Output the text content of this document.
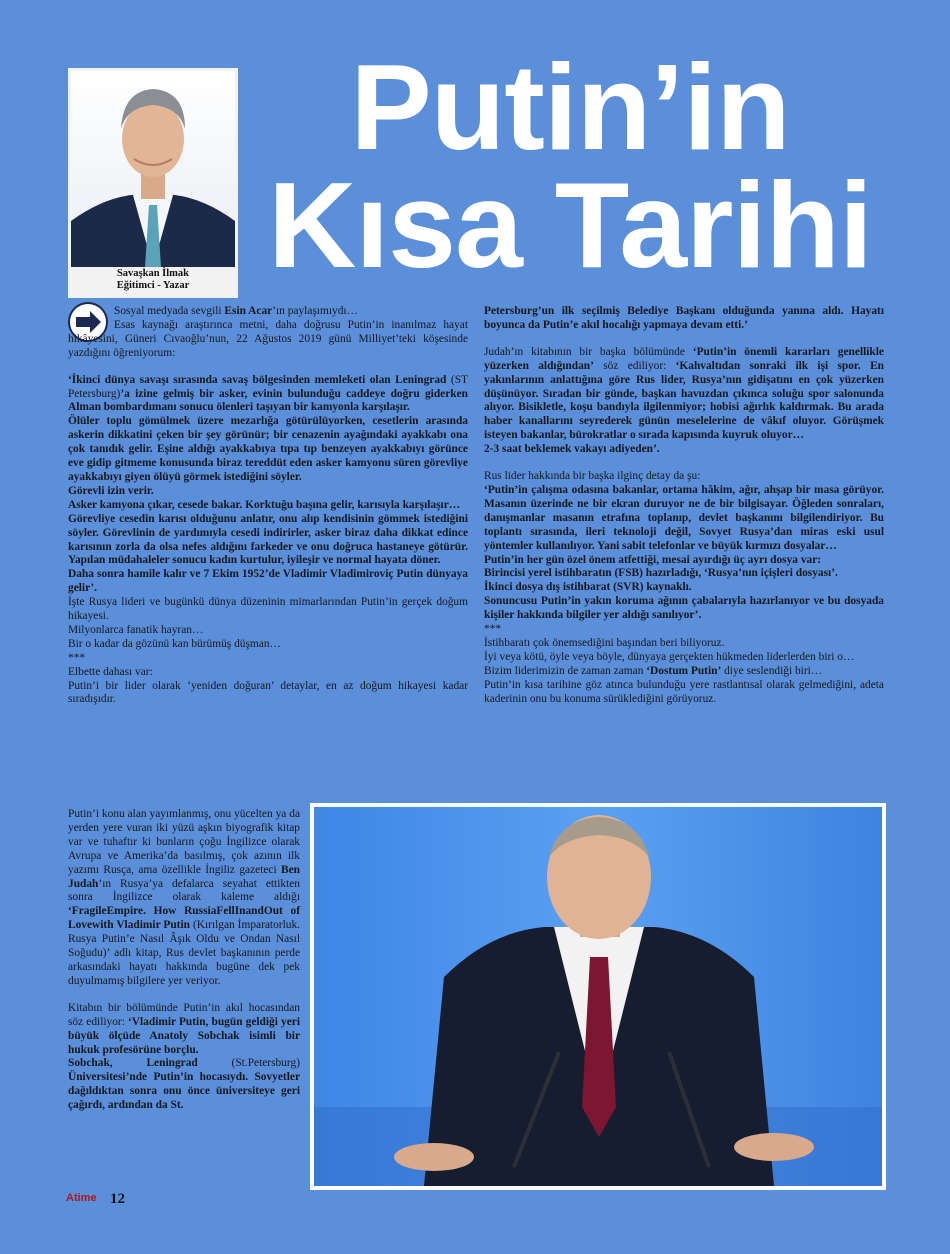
Savaşkan İlmak
Eğitimci - Yazar
Putin’in
Kısa Tarihi

Sosyal medyada sevgili Esin Acar’ın paylaşımıydı…

Esas kaynağı araştırınca metni, daha doğrusu Putin’in inanılmaz hayat hikâyesini, Güneri Cıvaoğlu’nun, 22 Ağustos 2019 günü Milliyet’teki köşesinde yazdığını öğreniyorum:

‘İkinci dünya savaşı sırasında savaş bölgesinden memleketi olan Leningrad (ST Petersburg)’a izine gelmiş bir asker, evinin bulunduğu caddeye doğru giderken Alman bombardımanı sonucu ölenleri taşıyan bir kamyonla karşılaşır.

Ölüler toplu gömülmek üzere mezarlığa götürülüyorken, cesetlerin arasında askerin dikkatini çeken bir şey görünür; bir cenazenin ayağındaki ayakkabı ona çok tanıdık gelir. Eşine aldığı ayakkabıya tıpa tıp benzeyen ayakkabıyı görünce eve gidip gitmeme konusunda biraz tereddüt eden asker kamyonu süren görevliye ayakkabıyı giyen ölüyü görmek istediğini söyler.

Görevli izin verir.

Asker kamyona çıkar, cesede bakar. Korktuğu başına gelir, karısıyla karşılaşır…

Görevliye cesedin karısı olduğunu anlatır, onu alıp kendisinin gömmek istediğini söyler. Görevlinin de yardımıyla cesedi indirirler, asker biraz daha dikkat edince karısının zorla da olsa nefes aldığını farkeder ve onu doğruca hastaneye götürür. Yapılan müdahaleler sonucu kadın kurtulur, iyileşir ve normal hayata döner.

Daha sonra hamile kalır ve 7 Ekim 1952’de Vladimir Vladimiroviç Putin dünyaya gelir’.

İşte Rusya lideri ve bugünkü dünya düzeninin mimarlarından Putin’in gerçek doğum hikayesi.

Milyonlarca fanatik hayran…

Bir o kadar da gözünü kan bürümüş düşman…

***

Elbette dahası var:

Putin’i bir lider olarak ‘yeniden doğuran’ detaylar, en az doğum hikayesi kadar sıradışıdır.

Petersburg’un ilk seçilmiş Belediye Başkanı olduğunda yanına aldı. Hayatı boyunca da Putin’e akıl hocalığı yapmaya devam etti.’

Judah’ın kitabının bir başka bölümünde ‘Putin’in önemli kararları genellikle yüzerken aldığından’ söz ediliyor: ‘Kahvaltıdan sonraki ilk işi spor. En yakınlarının anlattığına göre Rus lider, Rusya’nın gidişatını en çok yüzerken düşünüyor. Sıradan bir günde, başkan havuzdan çıkınca soluğu spor salonunda alıyor. Bisikletle, koşu bandıyla ilgilenmiyor; hobisi ağırlık kaldırmak. Bu arada haber kanallarını seyrederek günün meselelerine de vâkıf oluyor. Görüşmek isteyen bakanlar, bürokratlar o sırada kapısında kuyruk oluyor…

2-3 saat beklemek vakayı adiyeden’.

Rus lider hakkında bir başka ilginç detay da şu:

‘Putin’in çalışma odasına bakanlar, ortama hâkim, ağır, ahşap bir masa görüyor. Masanın üzerinde ne bir ekran duruyor ne de bir bilgisayar. Öğleden sonraları, danışmanlar masanın etrafına toplanıp, devlet başkanını bilgilendiriyor. Bu toplantı sırasında, ileri teknoloji değil, Sovyet Rusya’dan miras eski usul yöntemler kullanılıyor. Yani sabit telefonlar ve büyük kırmızı dosyalar…

Putin’in her gün özel önem atfettiği, mesai ayırdığı üç ayrı dosya var:

Birincisi yerel istihbaratın (FSB) hazırladığı, ‘Rusya’nın içişleri dosyası’.

İkinci dosya dış istihbarat (SVR) kaynaklı.

Sonuncusu Putin’in yakın koruma ağının çabalarıyla hazırlanıyor ve bu dosyada kişiler hakkında bilgiler yer aldığı sanılıyor’.

***

İstihbaratı çok önemsediğini başından beri biliyoruz.

İyi veya kötü, öyle veya böyle, dünyaya gerçekten hükmeden liderlerden biri o…

Bizim liderimizin de zaman zaman ‘Dostum Putin’ diye seslendiği biri…

Putin’in kısa tarihine göz atınca bulunduğu yere rastlantısal olarak gelmediğini, adeta kaderinin onu bu konuma sürüklediğini görüyoruz.

Putin’i konu alan yayımlanmış, onu yücelten ya da yerden yere vuran iki yüzü aşkın biyografik kitap var ve tuhaftır ki bunların çoğu İngilizce olarak Avrupa ve Amerika’da basılmış, çok azının ilk yazımı Rusça, ama özellikle İngiliz gazeteci Ben Judah’ın Rusya’ya defalarca seyahat ettikten sonra İngilizce olarak kaleme aldığı ‘FragileEmpire. How RussiaFellInandOut of Lovewith Vladimir Putin (Kırılgan İmparatorluk. Rusya Putin’e Nasıl Âşık Oldu ve Ondan Nasıl Soğudu)’ adlı kitap, Rus devlet başkanının perde arkasındaki hayatı hakkında bugüne dek pek duyulmamış bilgilere yer veriyor.

Kitabın bir bölümünde Putin’in akıl hocasından söz ediliyor: ‘Vladimir Putin, bugün geldiği yeri büyük ölçüde Anatoly Sobchak isimli bir hukuk profesörüne borçlu.

Sobchak, Leningrad (St.Petersburg) Üniversitesi’nde Putin’in hocasıydı. Sovyetler dağıldıktan sonra onu önce üniversiteye geri çağırdı, ardından da St.

Atime 12
